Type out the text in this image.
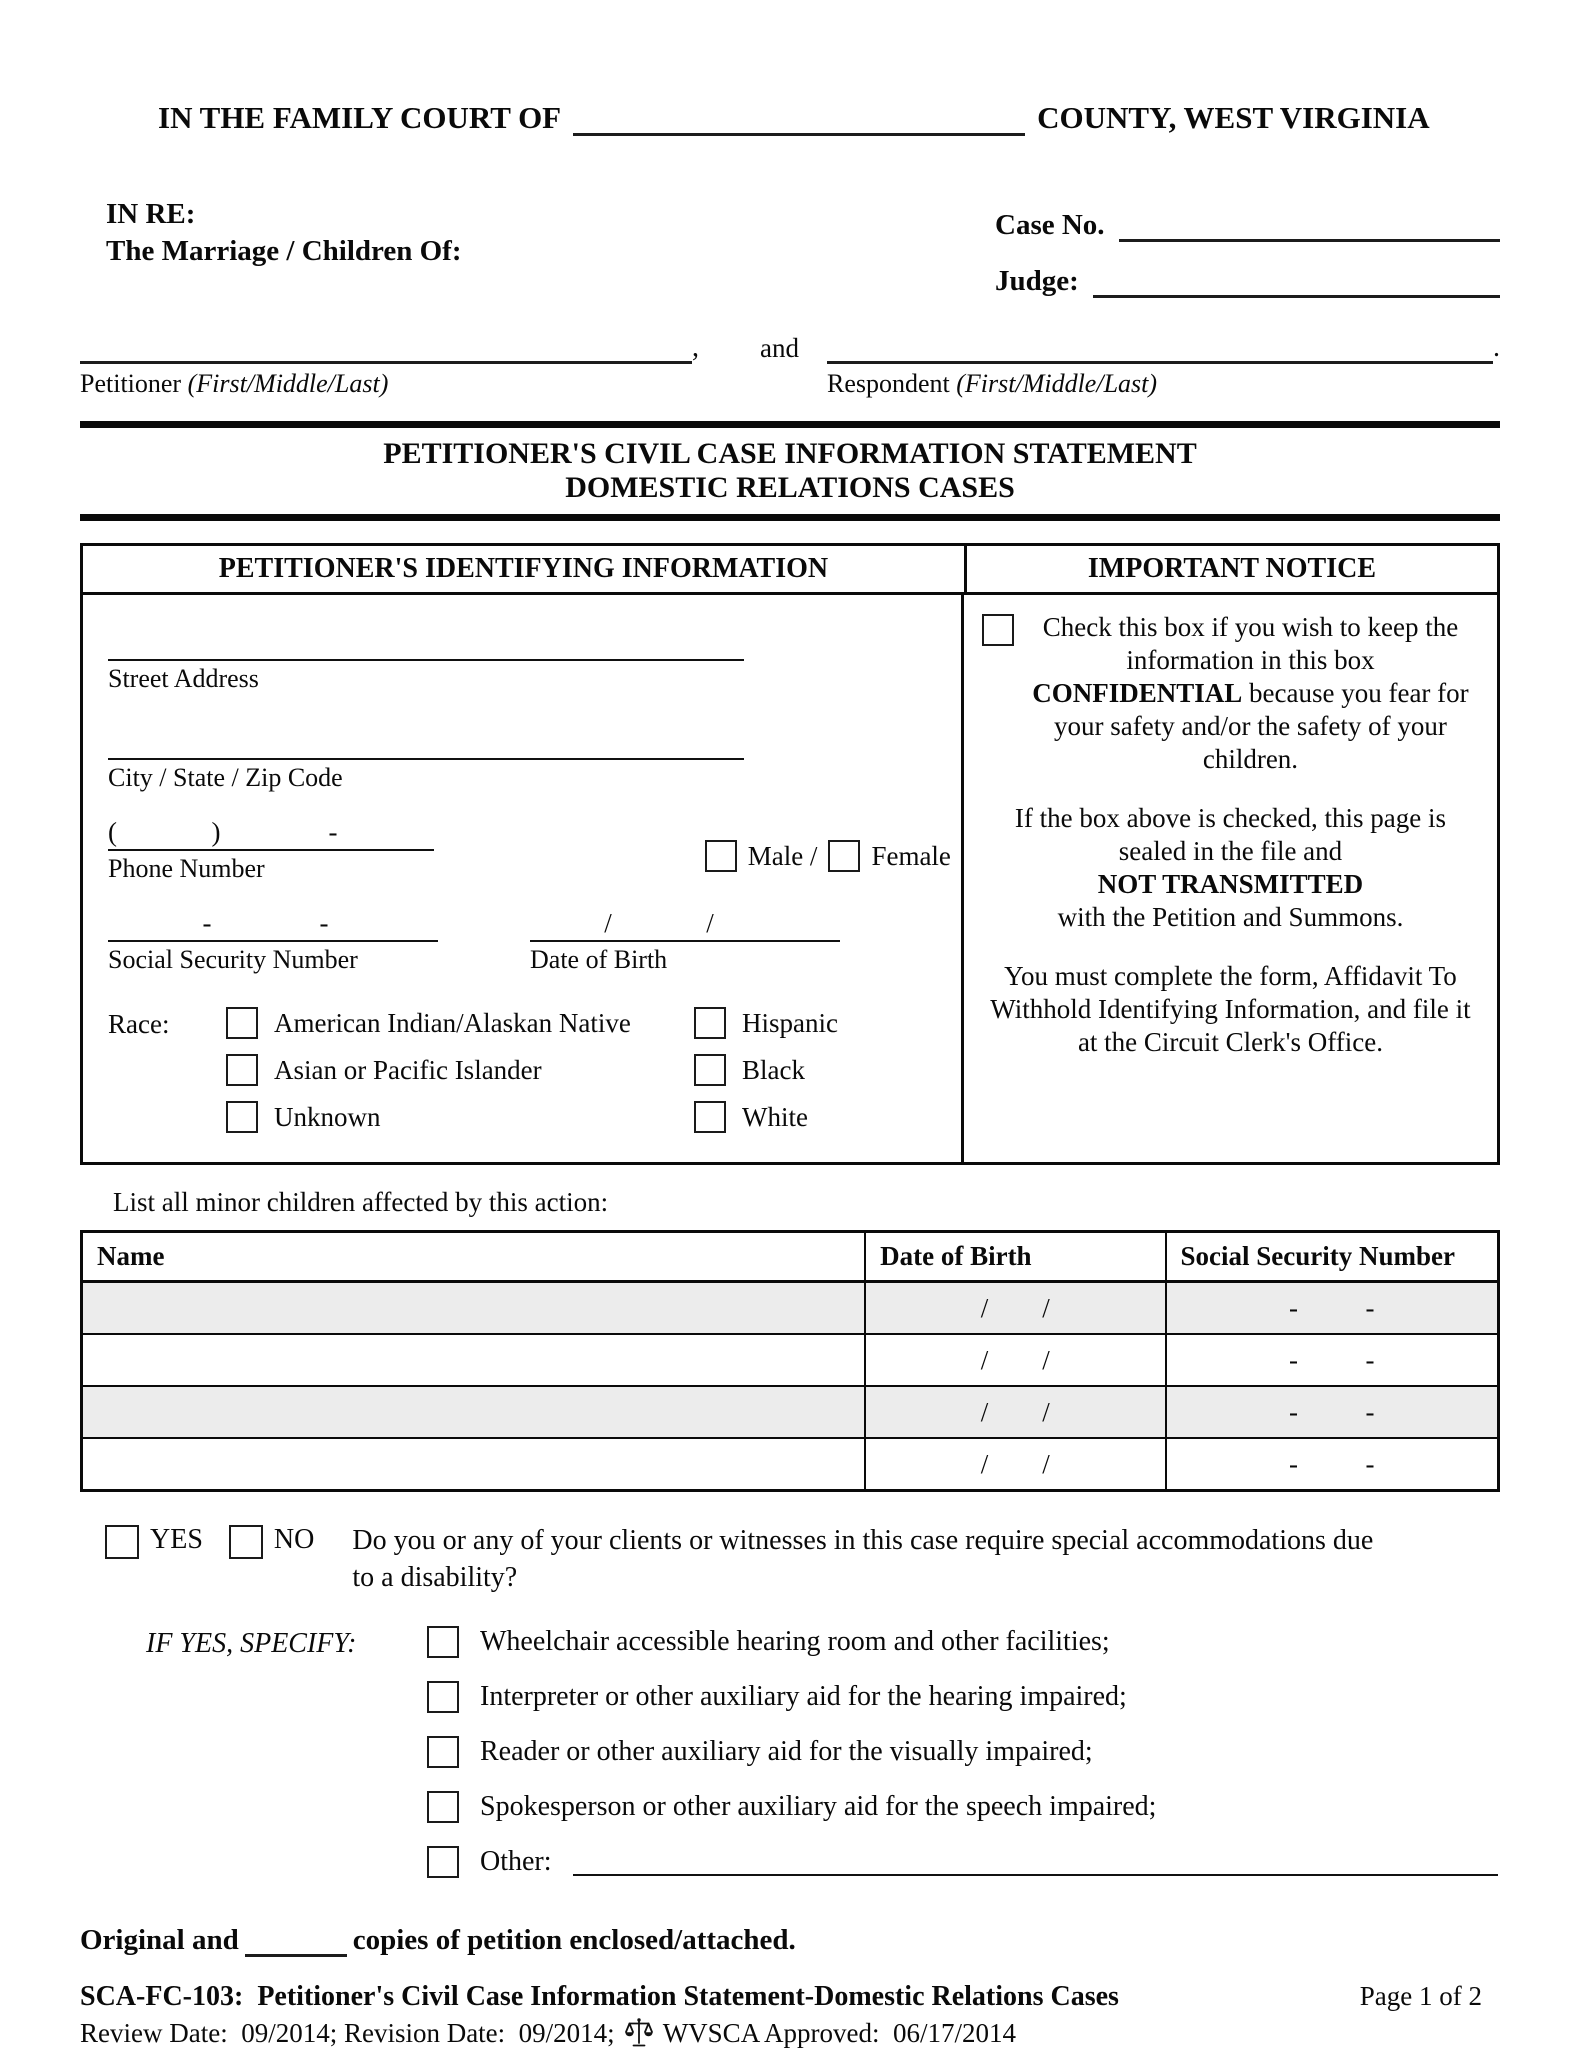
IN THE FAMILY COURT OF	COUNTY, WEST VIRGINIA
IN RE:
The Marriage / Children Of:
Case No.
Judge:
,
Petitioner (First/Middle/Last)
and	.
Respondent (First/Middle/Last)
PETITIONER'S CIVIL CASE INFORMATION STATEMENT
DOMESTIC RELATIONS CASES
PETITIONER'S IDENTIFYING INFORMATION	IMPORTANT NOTICE
Street Address
City / State / Zip Code
(              )                -
Phone Number	Male / Female
-                -
Social Security Number
/              /
Date of Birth
Race:	American Indian/Alaskan Native
Asian or Pacific Islander
Unknown
Hispanic
Black
White
Check this box if you wish to keep the information in this box CONFIDENTIAL because you fear for your safety and/or the safety of your children.
If the box above is checked, this page is sealed in the file and
NOT TRANSMITTED
with the Petition and Summons.
You must complete the form, Affidavit To Withhold Identifying Information, and file it at the Circuit Clerk's Office.
List all minor children affected by this action:
Name	Date of Birth	Social Security Number
	/        /	-          -
	/        /	-          -
	/        /	-          -
	/        /	-          -
YES	NO Do you or any of your clients or witnesses in this case require special accommodations due
to a disability?
IF YES, SPECIFY:	Wheelchair accessible hearing room and other facilities;
Interpreter or other auxiliary aid for the hearing impaired;
Reader or other auxiliary aid for the visually impaired;
Spokesperson or other auxiliary aid for the speech impaired;
Other:
Original and	copies of petition enclosed/attached.
SCA-FC-103: Petitioner's Civil Case Information Statement-Domestic Relations Cases	Page 1 of 2
Review Date:  09/2014; Revision Date:  09/2014; WVSCA Approved:  06/17/2014
